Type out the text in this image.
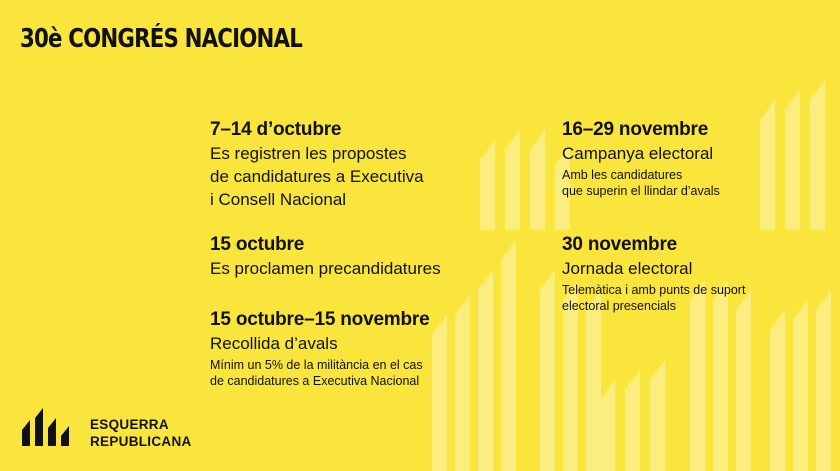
30è CONGRÉS NACIONAL
7–14 d’octubre
Es registren les propostes
de candidatures a Executiva
i Consell Nacional
15 octubre
Es proclamen precandidatures
15 octubre–15 novembre
Recollida d’avals
Mínim un 5% de la militància en el cas
de candidatures a Executiva Nacional
16–29 novembre
Campanya electoral
Amb les candidatures
que superin el llindar d’avals
30 novembre
Jornada electoral
Telemàtica i amb punts de suport
electoral presencials
ESQUERRA
REPUBLICANA
